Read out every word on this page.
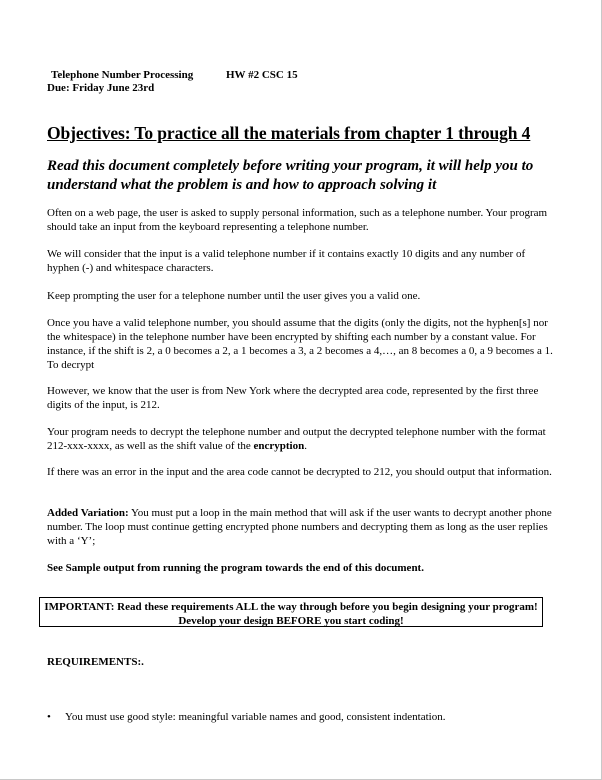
Telephone Number Processing	HW #2 CSC 15
Due: Friday June 23rd
Objectives: To practice all the materials from chapter 1 through 4
Read this document completely before writing your program, it will help you to understand what the problem is and how to approach solving it
Often on a web page, the user is asked to supply personal information, such as a telephone number. Your program should take an input from the keyboard representing a telephone number.
We will consider that the input is a valid telephone number if it contains exactly 10 digits and any number of hyphen (-) and whitespace characters.
Keep prompting the user for a telephone number until the user gives you a valid one.
Once you have a valid telephone number, you should assume that the digits (only the digits, not the hyphen[s] nor the whitespace) in the telephone number have been encrypted by shifting each number by a constant value. For instance, if the shift is 2, a 0 becomes a 2, a 1 becomes a 3, a 2 becomes a 4,…, an 8 becomes a 0, a 9 becomes a 1. To decrypt
However, we know that the user is from New York where the decrypted area code, represented by the first three digits of the input, is 212.
Your program needs to decrypt the telephone number and output the decrypted telephone number with the format 212-xxx-xxxx, as well as the shift value of the encryption.
If there was an error in the input and the area code cannot be decrypted to 212, you should output that information.
Added Variation: You must put a loop in the main method that will ask if the user wants to decrypt another phone number. The loop must continue getting encrypted phone numbers and decrypting them as long as the user replies with a ‘Y’;
See Sample output from running the program towards the end of this document.
IMPORTANT: Read these requirements ALL the way through before you begin designing your program! Develop your design BEFORE you start coding!
REQUIREMENTS:.
• You must use good style: meaningful variable names and good, consistent indentation.
